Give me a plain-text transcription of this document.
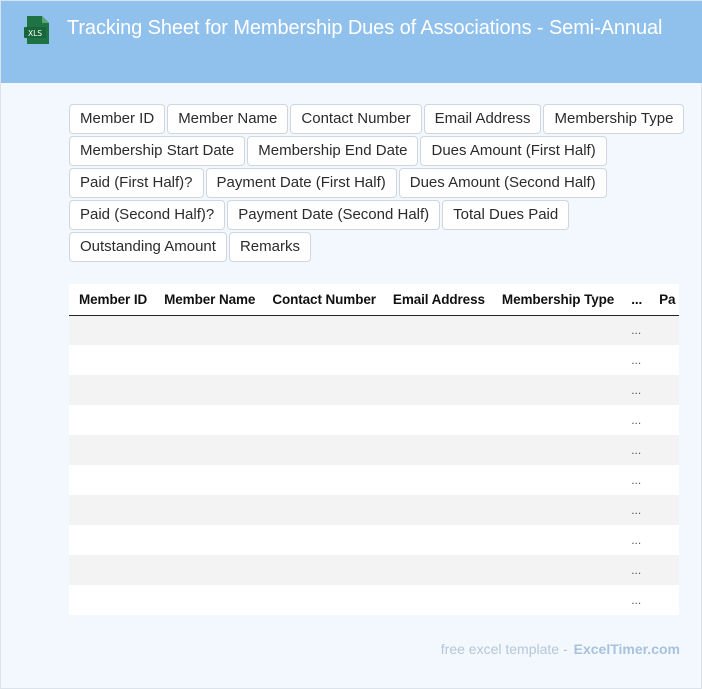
XLS	Tracking Sheet for Membership Dues of Associations - Semi-Annual
Member ID	Member Name	Contact Number	Email Address	Membership Type
Membership Start Date	Membership End Date	Dues Amount (First Half)
Paid (First Half)?	Payment Date (First Half)	Dues Amount (Second Half)
Paid (Second Half)?	Payment Date (Second Half)	Total Dues Paid
Outstanding Amount	Remarks
Member ID	Member Name	Contact Number	Email Address	Membership Type	...	Pa
					...	
					...	
					...	
					...	
					...	
					...	
					...	
					...	
					...	
					...	
free excel template - ExcelTimer.com
